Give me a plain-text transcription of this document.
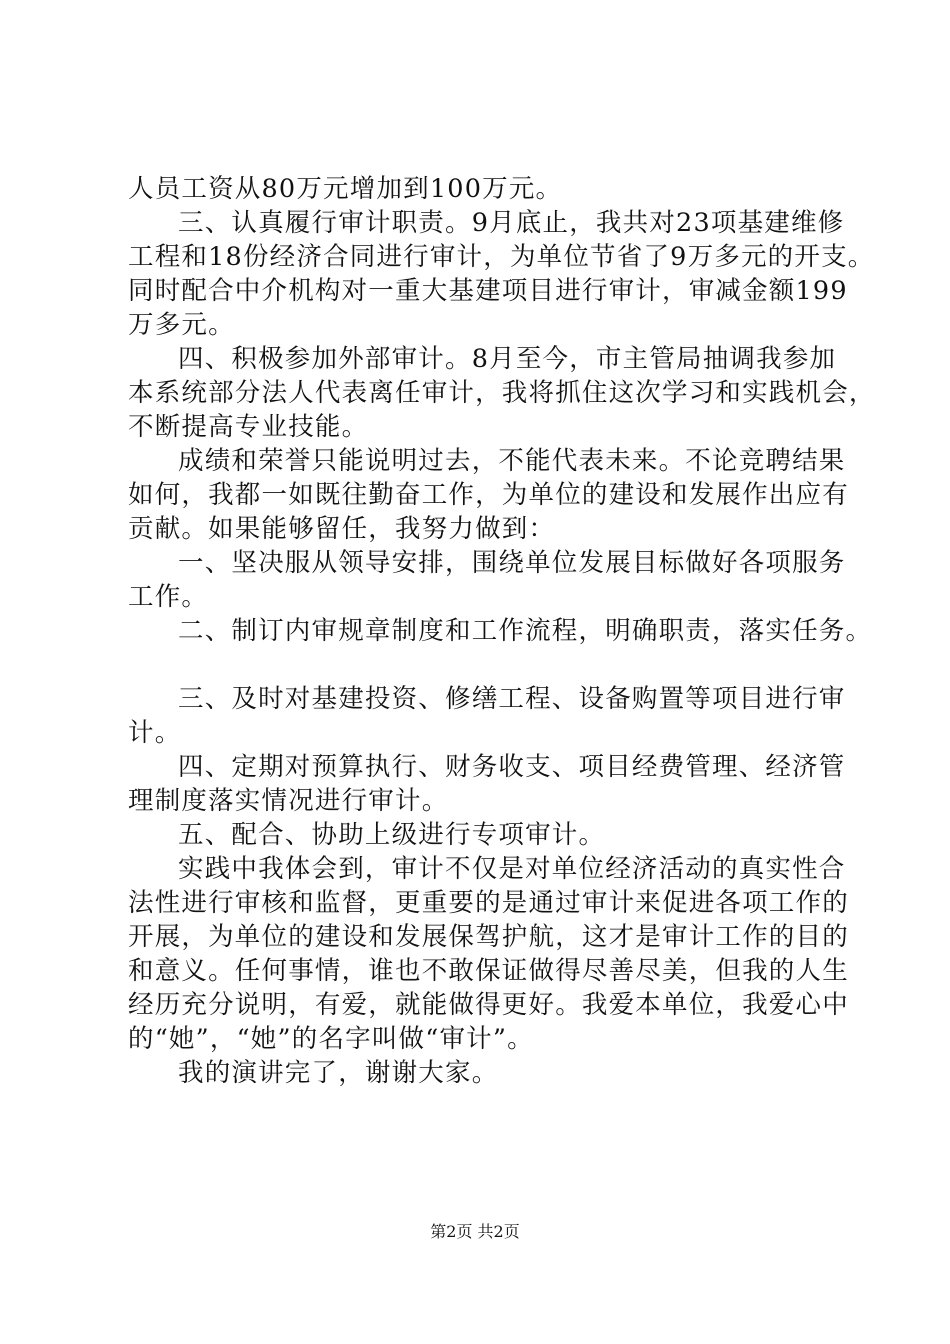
人员工资从80万元增加到100万元。
三、认真履行审计职责。9月底止，我共对23项基建维修
工程和18份经济合同进行审计，为单位节省了9万多元的开支。
同时配合中介机构对一重大基建项目进行审计，审减金额199
万多元。
四、积极参加外部审计。8月至今，市主管局抽调我参加
本系统部分法人代表离任审计，我将抓住这次学习和实践机会，
不断提高专业技能。
成绩和荣誉只能说明过去，不能代表未来。不论竞聘结果
如何，我都一如既往勤奋工作，为单位的建设和发展作出应有
贡献。如果能够留任，我努力做到：
一、坚决服从领导安排，围绕单位发展目标做好各项服务
工作。
二、制订内审规章制度和工作流程，明确职责，落实任务。
三、及时对基建投资、修缮工程、设备购置等项目进行审
计。
四、定期对预算执行、财务收支、项目经费管理、经济管
理制度落实情况进行审计。
五、配合、协助上级进行专项审计。
实践中我体会到，审计不仅是对单位经济活动的真实性合
法性进行审核和监督，更重要的是通过审计来促进各项工作的
开展，为单位的建设和发展保驾护航，这才是审计工作的目的
和意义。任何事情，谁也不敢保证做得尽善尽美，但我的人生
经历充分说明，有爱，就能做得更好。我爱本单位，我爱心中
的“她”，“她”的名字叫做“审计”。
我的演讲完了，谢谢大家。
第2页 共2页
